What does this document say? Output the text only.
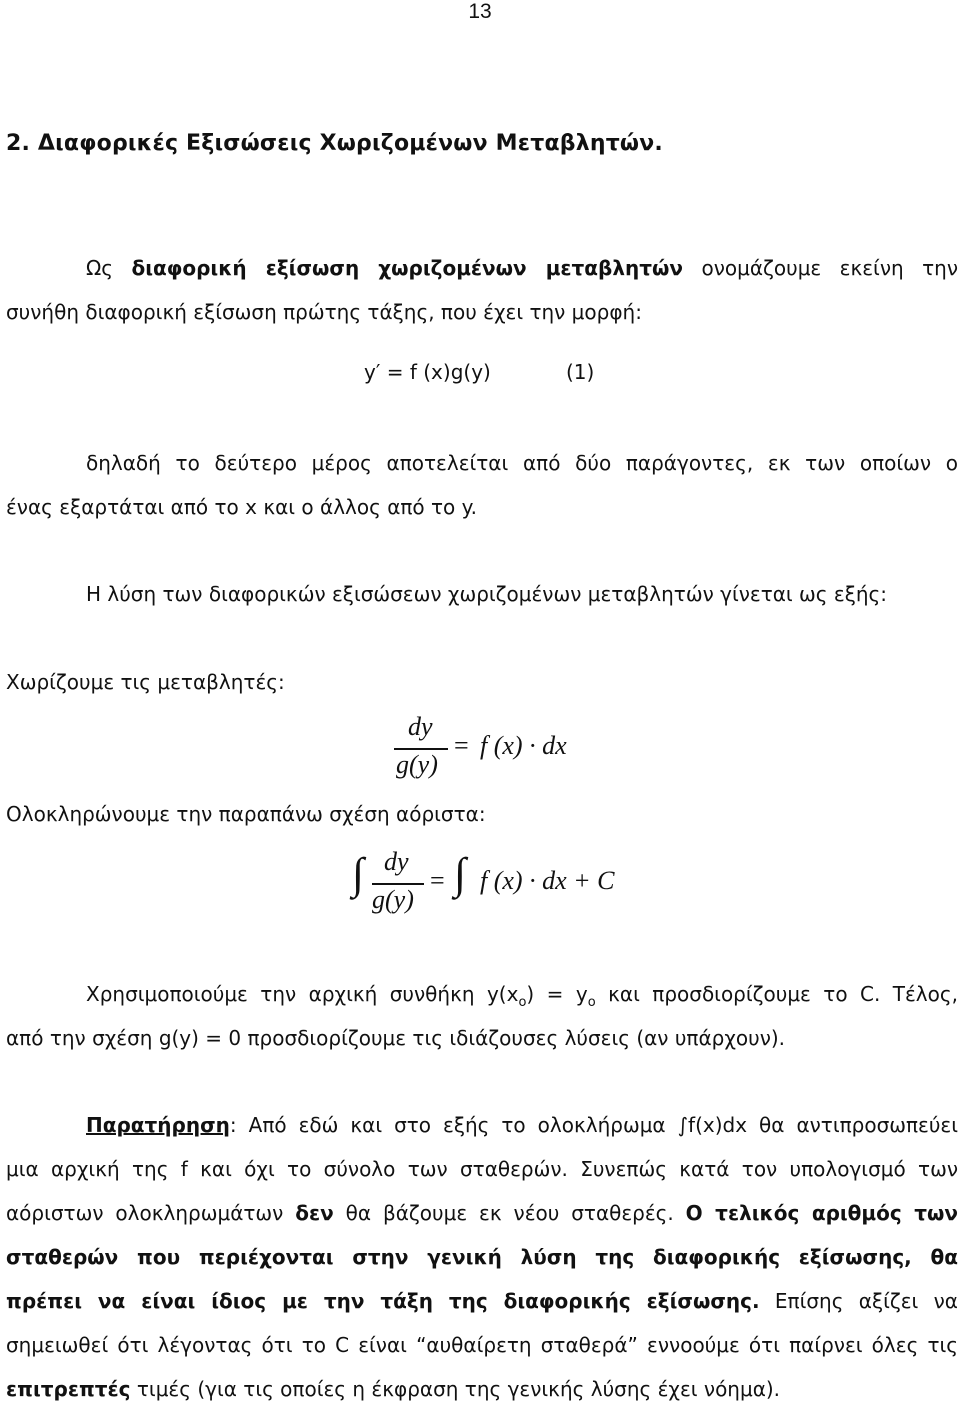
13
2. Διαφορικές Εξισώσεις Χωριζομένων Μεταβλητών.
Ως διαφορική εξίσωση χωριζομένων μεταβλητών ονομάζουμε εκείνη την
συνήθη διαφορική εξίσωση πρώτης τάξης, που έχει την μορφή:
y′ = f (x)g(y)	(1)
δηλαδή το δεύτερο μέρος αποτελείται από δύο παράγοντες, εκ των οποίων ο
ένας εξαρτάται από το x και ο άλλος από το y.
Η λύση των διαφορικών εξισώσεων χωριζομένων μεταβλητών γίνεται ως εξής:
Χωρίζουμε τις μεταβλητές:
dy
g(y)
= f (x) · dx
Ολοκληρώνουμε την παραπάνω σχέση αόριστα:
∫ dy
g(y)
= ∫ f (x) · dx + C
Χρησιμοποιούμε την αρχική συνθήκη $y(x_o) = y_o$ και προσδιορίζουμε το C. Τέλος,
από την σχέση g(y) = 0 προσδιορίζουμε τις ιδιάζουσες λύσεις (αν υπάρχουν).
Παρατήρηση: Από εδώ και στο εξής το ολοκλήρωμα ∫f(x)dx θα αντιπροσωπεύει
μια αρχική της f και όχι το σύνολο των σταθερών. Συνεπώς κατά τον υπολογισμό των
αόριστων ολοκληρωμάτων δεν θα βάζουμε εκ νέου σταθερές. Ο τελικός αριθμός των
σταθερών που περιέχονται στην γενική λύση της διαφορικής εξίσωσης, θα
πρέπει να είναι ίδιος με την τάξη της διαφορικής εξίσωσης. Επίσης αξίζει να
σημειωθεί ότι λέγοντας ότι το C είναι “αυθαίρετη σταθερά” εννοούμε ότι παίρνει όλες τις
επιτρεπτές τιμές (για τις οποίες η έκφραση της γενικής λύσης έχει νόημα).
